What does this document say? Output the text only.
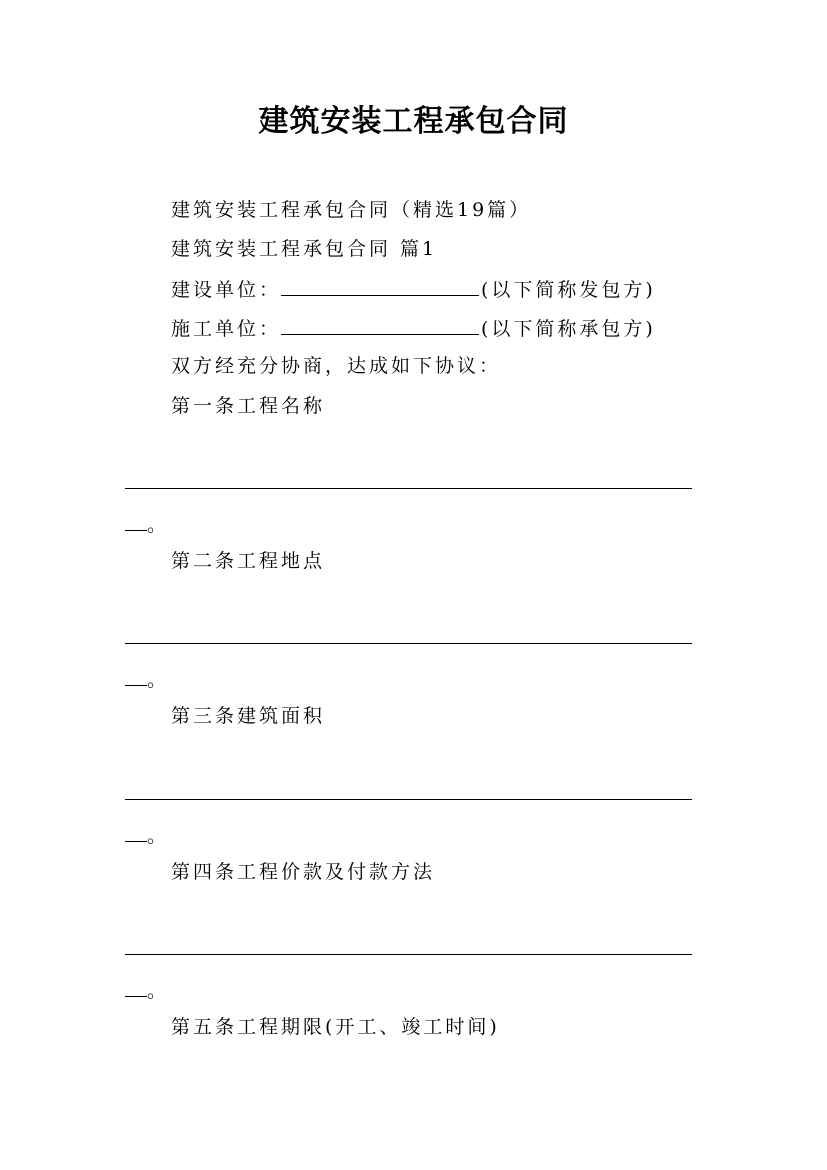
建筑安装工程承包合同
建筑安装工程承包合同（精选19篇）
建筑安装工程承包合同 篇1
建设单位：	(以下简称发包方)
施工单位：	(以下简称承包方)
双方经充分协商，达成如下协议：
第一条工程名称
。
第二条工程地点
。
第三条建筑面积
。
第四条工程价款及付款方法
。
第五条工程期限(开工、竣工时间)
